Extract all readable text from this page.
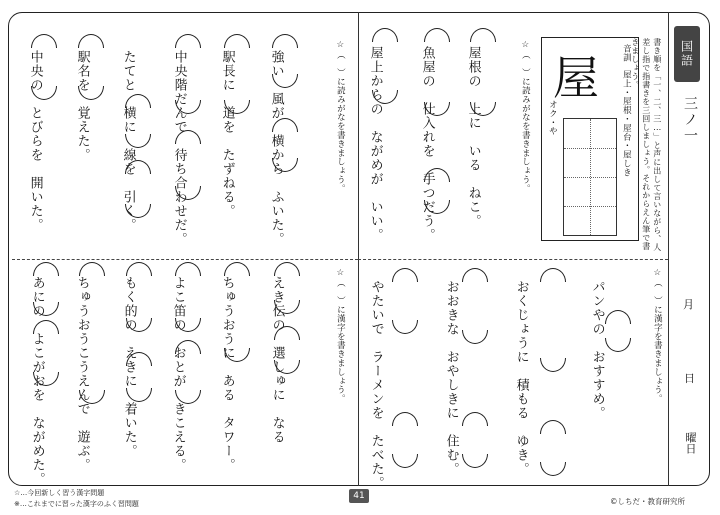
国語
三ノ一
月
日
曜日
屋	音訓
屋上・屋根・屋台・屋しき
オク・や	書き順を「一、二、三…」と声に出して言いながら、人
差し指で指書きを三回しましょう。それからえん筆で書
きましょう。
☆（　）に読みがなを書きましょう。
屋根の　上に　いる　ねこ。
魚屋の　仕入れを　手つだう。
屋上からの　ながめが　いい。
☆（　）に読みがなを書きましょう。
強い　風が　横から　ふいた。
駅長に　道を　たずねる。
中央階だんで　待ち合わせだ。
たてと　横に　線を　引く。
駅名を　覚えた。
中央の　とびらを　開いた。
☆（　）に漢字を書きましょう。
パンやの　おすすめ。
おくじょうに　積もる　ゆき。
おおきな　おやしきに　住む。
やたいで　ラーメンを　たべた。
☆（　）に漢字を書きましょう。
えき伝の　選しゅに　なる
ちゅうおうに　ある　タワー。
よこ笛の　おとが　きこえる。
もく的の　えきに　着いた。
ちゅうおうこうえんで　遊ぶ。
あにの　よこがおを　ながめた。
☆…今回新しく習う漢字問題
※…これまでに習った漢字のふく習問題
41
©しちだ・教育研究所
